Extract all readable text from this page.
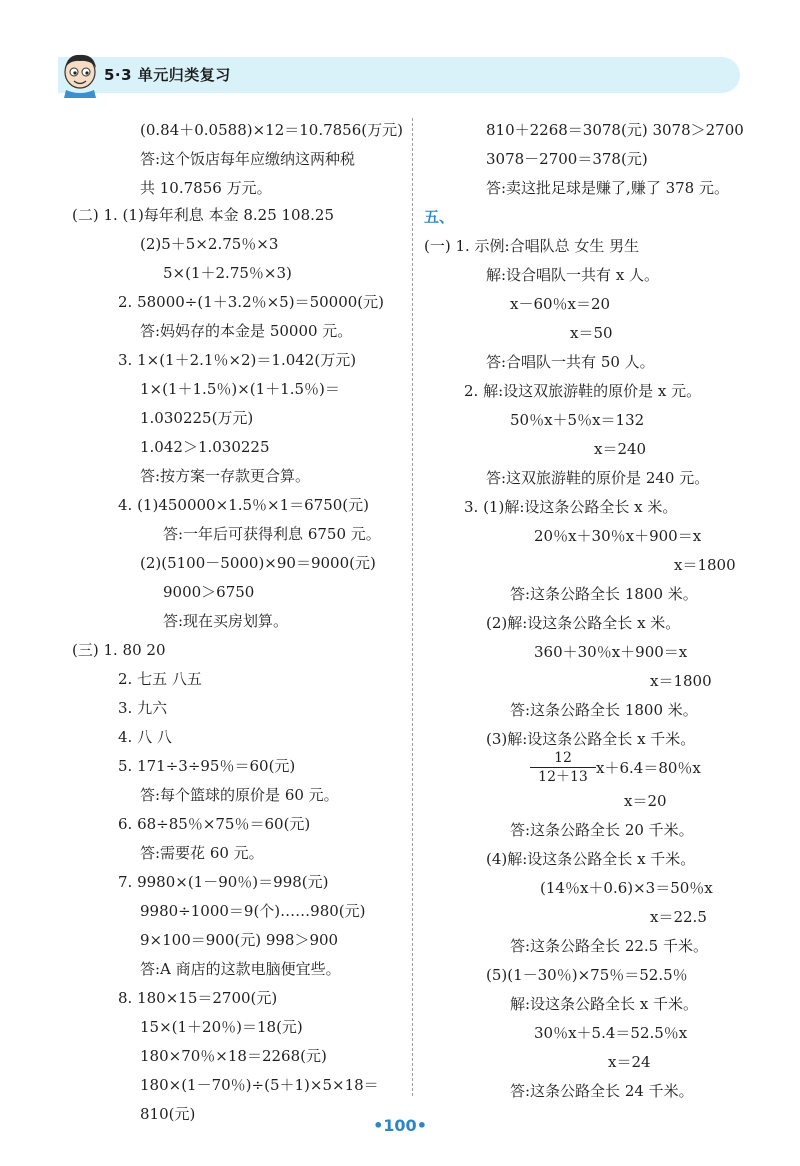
5·3 单元归类复习
(0.84＋0.0588)×12＝10.7856(万元)
答:这个饭店每年应缴纳这两种税
共 10.7856 万元。
(二) 1. (1)每年利息 本金 8.25 108.25
(2)5＋5×2.75％×3
5×(1＋2.75％×3)
2. 58000÷(1＋3.2％×5)＝50000(元)
答:妈妈存的本金是 50000 元。
3. 1×(1＋2.1％×2)＝1.042(万元)
1×(1＋1.5％)×(1＋1.5％)＝
1.030225(万元)
1.042＞1.030225
答:按方案一存款更合算。
4. (1)450000×1.5％×1＝6750(元)
答:一年后可获得利息 6750 元。
(2)(5100－5000)×90＝9000(元)
9000＞6750
答:现在买房划算。
(三) 1. 80 20
2. 七五 八五
3. 九六
4. 八 八
5. 171÷3÷95％＝60(元)
答:每个篮球的原价是 60 元。
6. 68÷85％×75％＝60(元)
答:需要花 60 元。
7. 9980×(1－90％)＝998(元)
9980÷1000＝9(个)……980(元)
9×100＝900(元) 998＞900
答:A 商店的这款电脑便宜些。
8. 180×15＝2700(元)
15×(1＋20％)＝18(元)
180×70％×18＝2268(元)
180×(1－70％)÷(5＋1)×5×18＝
810(元)
810＋2268＝3078(元) 3078＞2700
3078－2700＝378(元)
答:卖这批足球是赚了,赚了 378 元。
五、
(一) 1. 示例:合唱队总 女生 男生
解:设合唱队一共有 x 人。
x－60％x＝20
x＝50
答:合唱队一共有 50 人。
2. 解:设这双旅游鞋的原价是 x 元。
50％x＋5％x＝132
x＝240
答:这双旅游鞋的原价是 240 元。
3. (1)解:设这条公路全长 x 米。
20％x＋30％x＋900＝x
x＝1800
答:这条公路全长 1800 米。
(2)解:设这条公路全长 x 米。
360＋30％x＋900＝x
x＝1800
答:这条公路全长 1800 米。
(3)解:设这条公路全长 x 千米。
$\frac{12}{12+13} x+6.4=80$％x
x＝20
答:这条公路全长 20 千米。
(4)解:设这条公路全长 x 千米。
(14％x＋0.6)×3＝50％x
x＝22.5
答:这条公路全长 22.5 千米。
(5)(1－30％)×75％＝52.5％
解:设这条公路全长 x 千米。
30％x＋5.4＝52.5％x
x＝24
答:这条公路全长 24 千米。
•100•
